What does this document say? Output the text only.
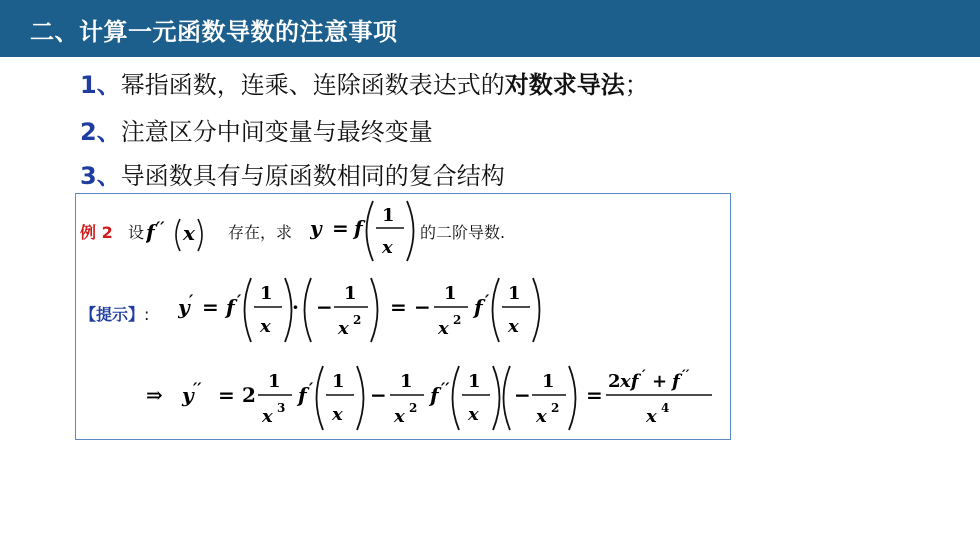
二、计算一元函数导数的注意事项
1、幂指函数，连乘、连除函数表达式的对数求导法；
2、注意区分中间变量与最终变量
3、导函数具有与原函数相同的复合结构
例 2 设 f ′′ x 存在，求 y = f
1
x
的二阶导数.
【提示】: y ′ = f ′ 1
x
· −
1
x 2
= −
1
x 2
f ′ 1
x
⇒ y ′′ = 2
1
x 3
f ′ 1
x
−
1
x 2
f ′′ 1
x
−
1
x 2
=
2 xf ′ + f ′′
x 4
